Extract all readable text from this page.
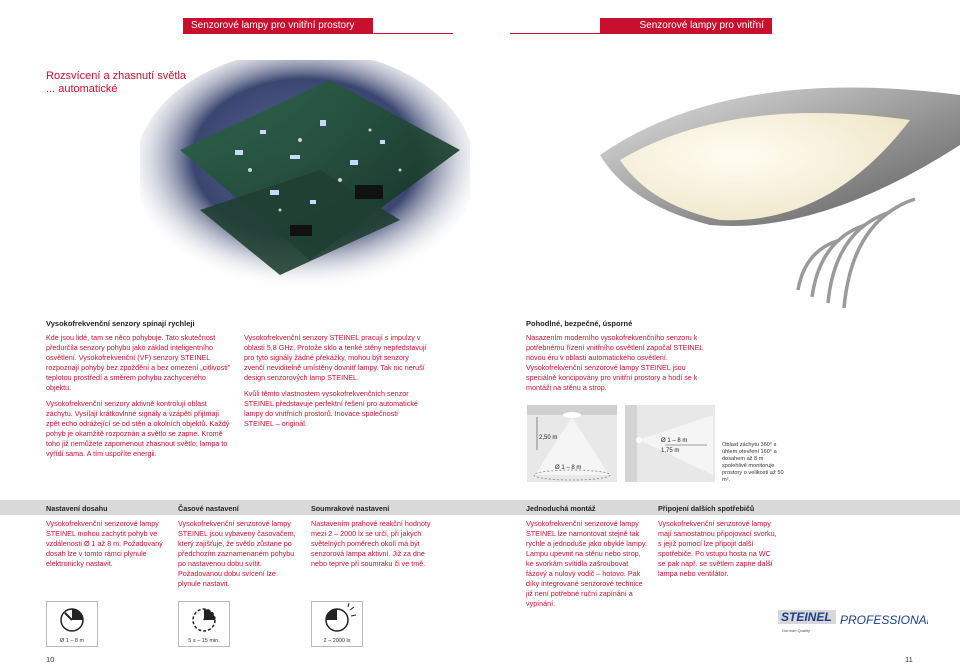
Senzorové lampy pro vnitřní prostory	Senzorové lampy pro vnitřní prostory
Rozsvícení a zhasnutí světla
... automatické
Vysokofrekvenční senzory spínají rychleji

Kde jsou lidé, tam se něco pohybuje. Tato skutečnost předurčila senzory pohybu jako základ inteligentního osvětlení. Vysokofrekvenční (VF) senzory STEINEL rozpoznají pohyby bez zpoždění a bez omezení „citlivosti" teplotou prostředí a směrem pohybu zachyceného objektu.

Vysokofrekvenční senzory aktivně kontrolují oblast záchytu. Vysílají krátkovlnné signály a vzápětí přijímají zpět echo odrážející se od stěn a okolních objektů. Každý pohyb je okamžitě rozpoznán a světlo se zapne. Kromě toho již nemůžete zapomenout zhasnout světlo; lampa to vyřídí sama. A tím uspoříte energii.

Vysokofrekvenční senzory STEINEL pracují s impulzy v oblasti 5,8 GHz. Protože sklo a tenké stěny nepředstavují pro tyto signály žádné překážky, mohou být senzory zvenčí neviditelně umístěny dovnitř lampy. Tak nic neruší design senzorových lamp STEINEL.

Kvůli těmto vlastnostem vysokofrekvenčních senzor STEINEL představuje perfektní řešení pro automatické lampy do vnitřních prostorů. Inovace společnosti STEINEL – originál.

Pohodlné, bezpečné, úsporné
Nasazením moderního vysokofrekvenčního senzoru k potřebnému řízení vnitřního osvětlení započal STEINEL novou éru v oblasti automatického osvětlení. Vysokofrekvenční senzorové lampy STEINEL jsou speciálně koncipovány pro vnitřní prostory a hodí se k montáži na stěnu a strop.
2,50 m
Ø 1 – 8 m
1,75 m
Ø 1 – 8 m
Oblast záchytu 360° s úhlem otevření 160° a dosahem až 8 m spolehlivě monitoruje prostory o velikosti až 50 m².
Nastavení dosahu	Časové nastavení	Soumrakové nastavení	Jednoduchá montáž	Připojení dalších spotřebičů
Vysokofrekvenční senzorové lampy STEINEL mohou zachytit pohyb ve vzdálenosti Ø 1 až 8 m. Požadovaný dosah lze v tomto rámci plynule elektronicky nastavit.
Vysokofrekvenční senzorové lampy STEINEL jsou vybaveny časovačem, který zajišťuje, že světlo zůstane po předchozím zaznamenaném pohybu po nastavenou dobu svítit. Požadovanou dobu svícení lze plynule nastavit.
Nastavením prahové reakční hodnoty mezi 2 – 2000 lx se určí, při jakých světelných poměrech okolí má být senzorová lampa aktivní. Již za dne nebo teprve při soumraku či ve tmě.
Vysokofrekvenční senzorové lampy STEINEL lze namontovat stejně tak rychle a jednoduše jako obyklé lampy. Lampu upevnit na stěnu nebo strop, ke svorkám svítidla zašroubovat fázový a nulový vodič – hotovo. Pak díky integrované senzorové technice již není potřebné ruční zapínání a vypínání.
Vysokofrekvenční senzorové lampy mají samostatnou připojovací svorku, s jejíž pomocí lze připojit další spotřebiče. Po vstupu hosta na WC se pak např. se světlem zapne další lampa nebo ventilátor.
Ø 1 – 8 m	5 s – 15 min.	2 – 2000 lx
STEINEL
German Quality
PROFESSIONAL
10	11
